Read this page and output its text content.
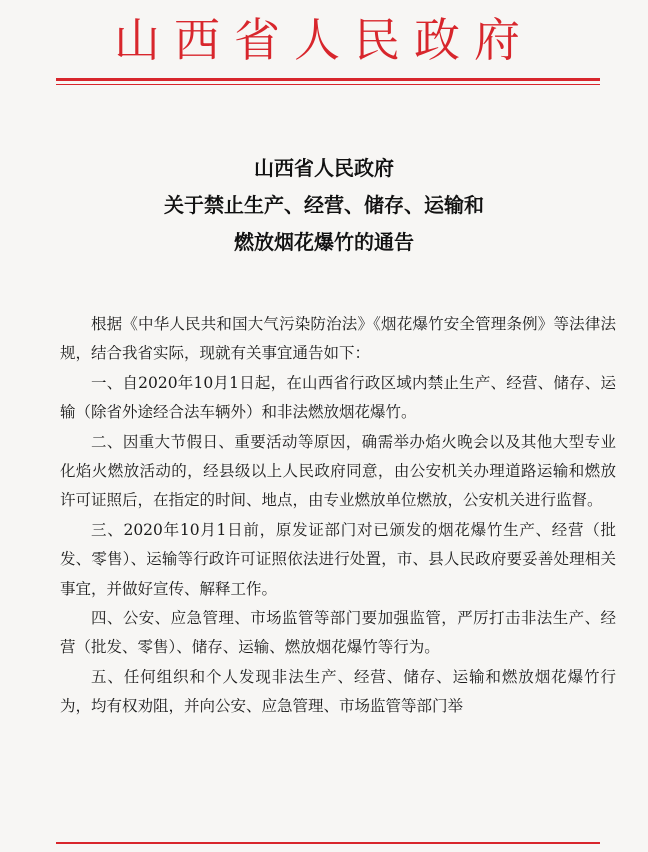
山西省人民政府
山西省人民政府
关于禁止生产、经营、储存、运输和
燃放烟花爆竹的通告

根据《中华人民共和国大气污染防治法》《烟花爆竹安全管理条例》等法律法规，结合我省实际，现就有关事宜通告如下：

一、自2020年10月1日起，在山西省行政区域内禁止生产、经营、储存、运输（除省外途经合法车辆外）和非法燃放烟花爆竹。

二、因重大节假日、重要活动等原因，确需举办焰火晚会以及其他大型专业化焰火燃放活动的，经县级以上人民政府同意，由公安机关办理道路运输和燃放许可证照后，在指定的时间、地点，由专业燃放单位燃放，公安机关进行监督。

三、2020年10月1日前，原发证部门对已颁发的烟花爆竹生产、经营（批发、零售）、运输等行政许可证照依法进行处置，市、县人民政府要妥善处理相关事宜，并做好宣传、解释工作。

四、公安、应急管理、市场监管等部门要加强监管，严厉打击非法生产、经营（批发、零售）、储存、运输、燃放烟花爆竹等行为。

五、任何组织和个人发现非法生产、经营、储存、运输和燃放烟花爆竹行为，均有权劝阻，并向公安、应急管理、市场监管等部门举
